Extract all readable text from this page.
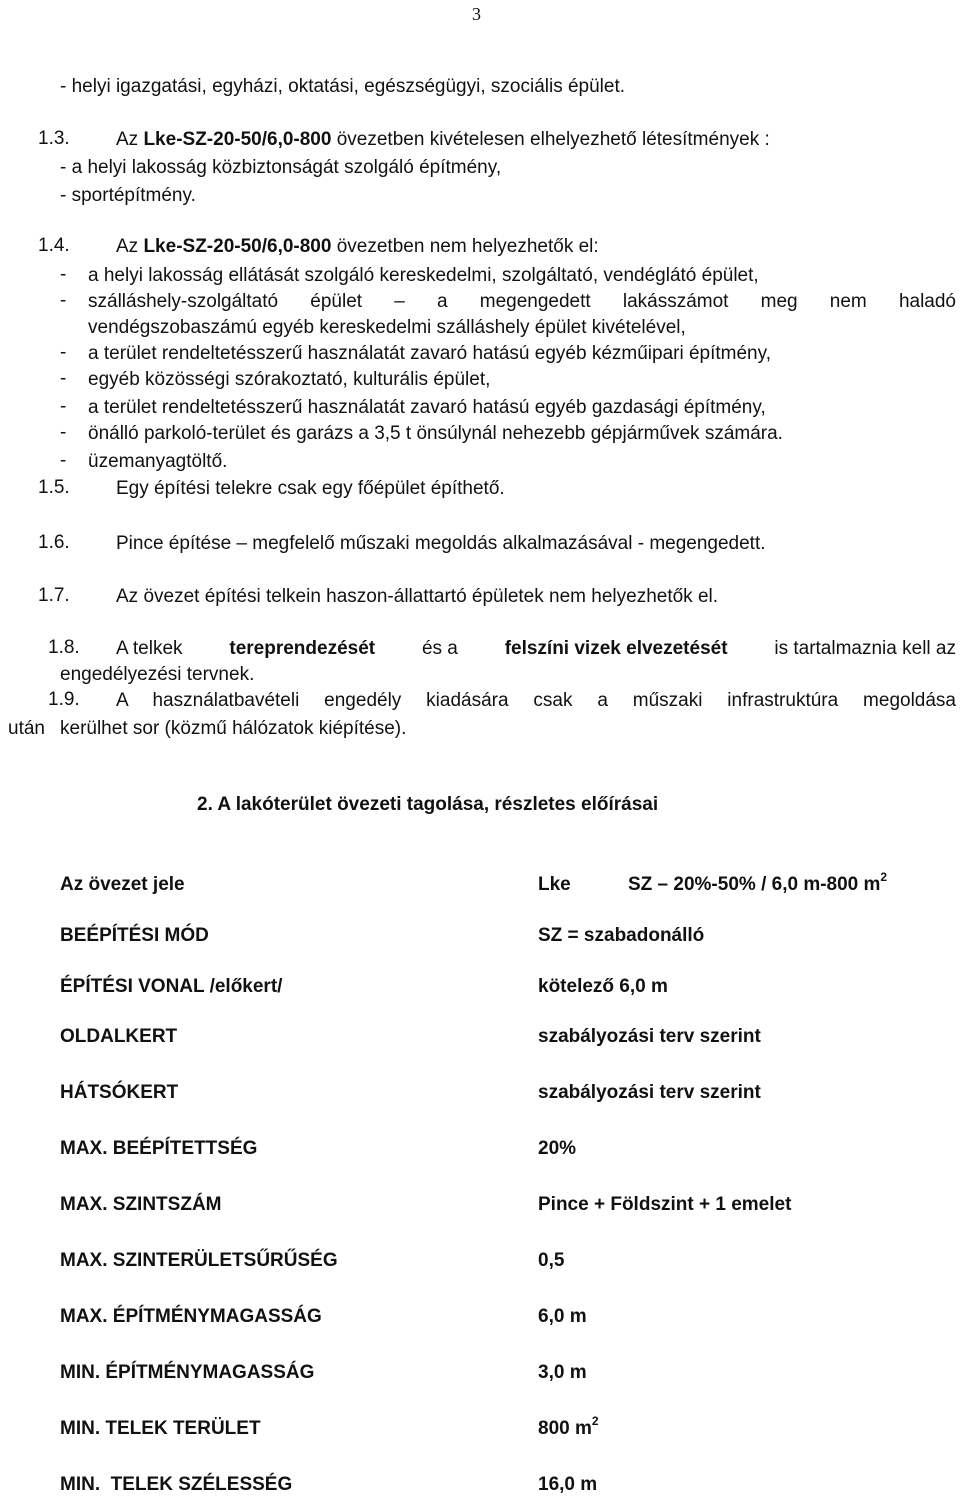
3
- helyi igazgatási, egyházi, oktatási, egészségügyi, szociális épület.
1.3. Az Lke-SZ-20-50/6,0-800 övezetben kivételesen elhelyezhető létesítmények :
- a helyi lakosság közbiztonságát szolgáló építmény,
- sportépítmény.
1.4. Az Lke-SZ-20-50/6,0-800 övezetben nem helyezhetők el:
- a helyi lakosság ellátását szolgáló kereskedelmi, szolgáltató, vendéglátó épület,
- szálláshely-szolgáltató épület – a megengedett lakásszámot meg nem haladó
vendégszobaszámú egyéb kereskedelmi szálláshely épület kivételével,
- a terület rendeltetésszerű használatát zavaró hatású egyéb kézműipari építmény,
- egyéb közösségi szórakoztató, kulturális épület,
- a terület rendeltetésszerű használatát zavaró hatású egyéb gazdasági építmény,
- önálló parkoló-terület és garázs a 3,5 t önsúlynál nehezebb gépjárművek számára.
- üzemanyagtöltő.
1.5. Egy építési telekre csak egy főépület építhető.
1.6. Pince építése – megfelelő műszaki megoldás alkalmazásával - megengedett.
1.7. Az övezet építési telkein haszon-állattartó épületek nem helyezhetők el.
1.8. A telkek tereprendezését és a felszíni vizek elvezetését is tartalmaznia kell az
engedélyezési tervnek.
1.9. A használatbavételi engedély kiadására csak a műszaki infrastruktúra megoldása
után kerülhet sor (közmű hálózatok kiépítése).
2. A lakóterület övezeti tagolása, részletes előírásai
Az övezet jele	Lke	SZ – 20%-50% / 6,0 m-800 $m^2$
BEÉPÍTÉSI MÓD	SZ = szabadonálló
ÉPÍTÉSI VONAL /előkert/	kötelező 6,0 m
OLDALKERT	szabályozási terv szerint
HÁTSÓKERT	szabályozási terv szerint
MAX. BEÉPÍTETTSÉG	20%
MAX. SZINTSZÁM	Pince + Földszint + 1 emelet
MAX. SZINTERÜLETSŰRŰSÉG	0,5
MAX. ÉPÍTMÉNYMAGASSÁG	6,0 m
MIN. ÉPÍTMÉNYMAGASSÁG	3,0 m
MIN. TELEK TERÜLET	800 $m^2$
MIN.  TELEK SZÉLESSÉG	16,0 m
